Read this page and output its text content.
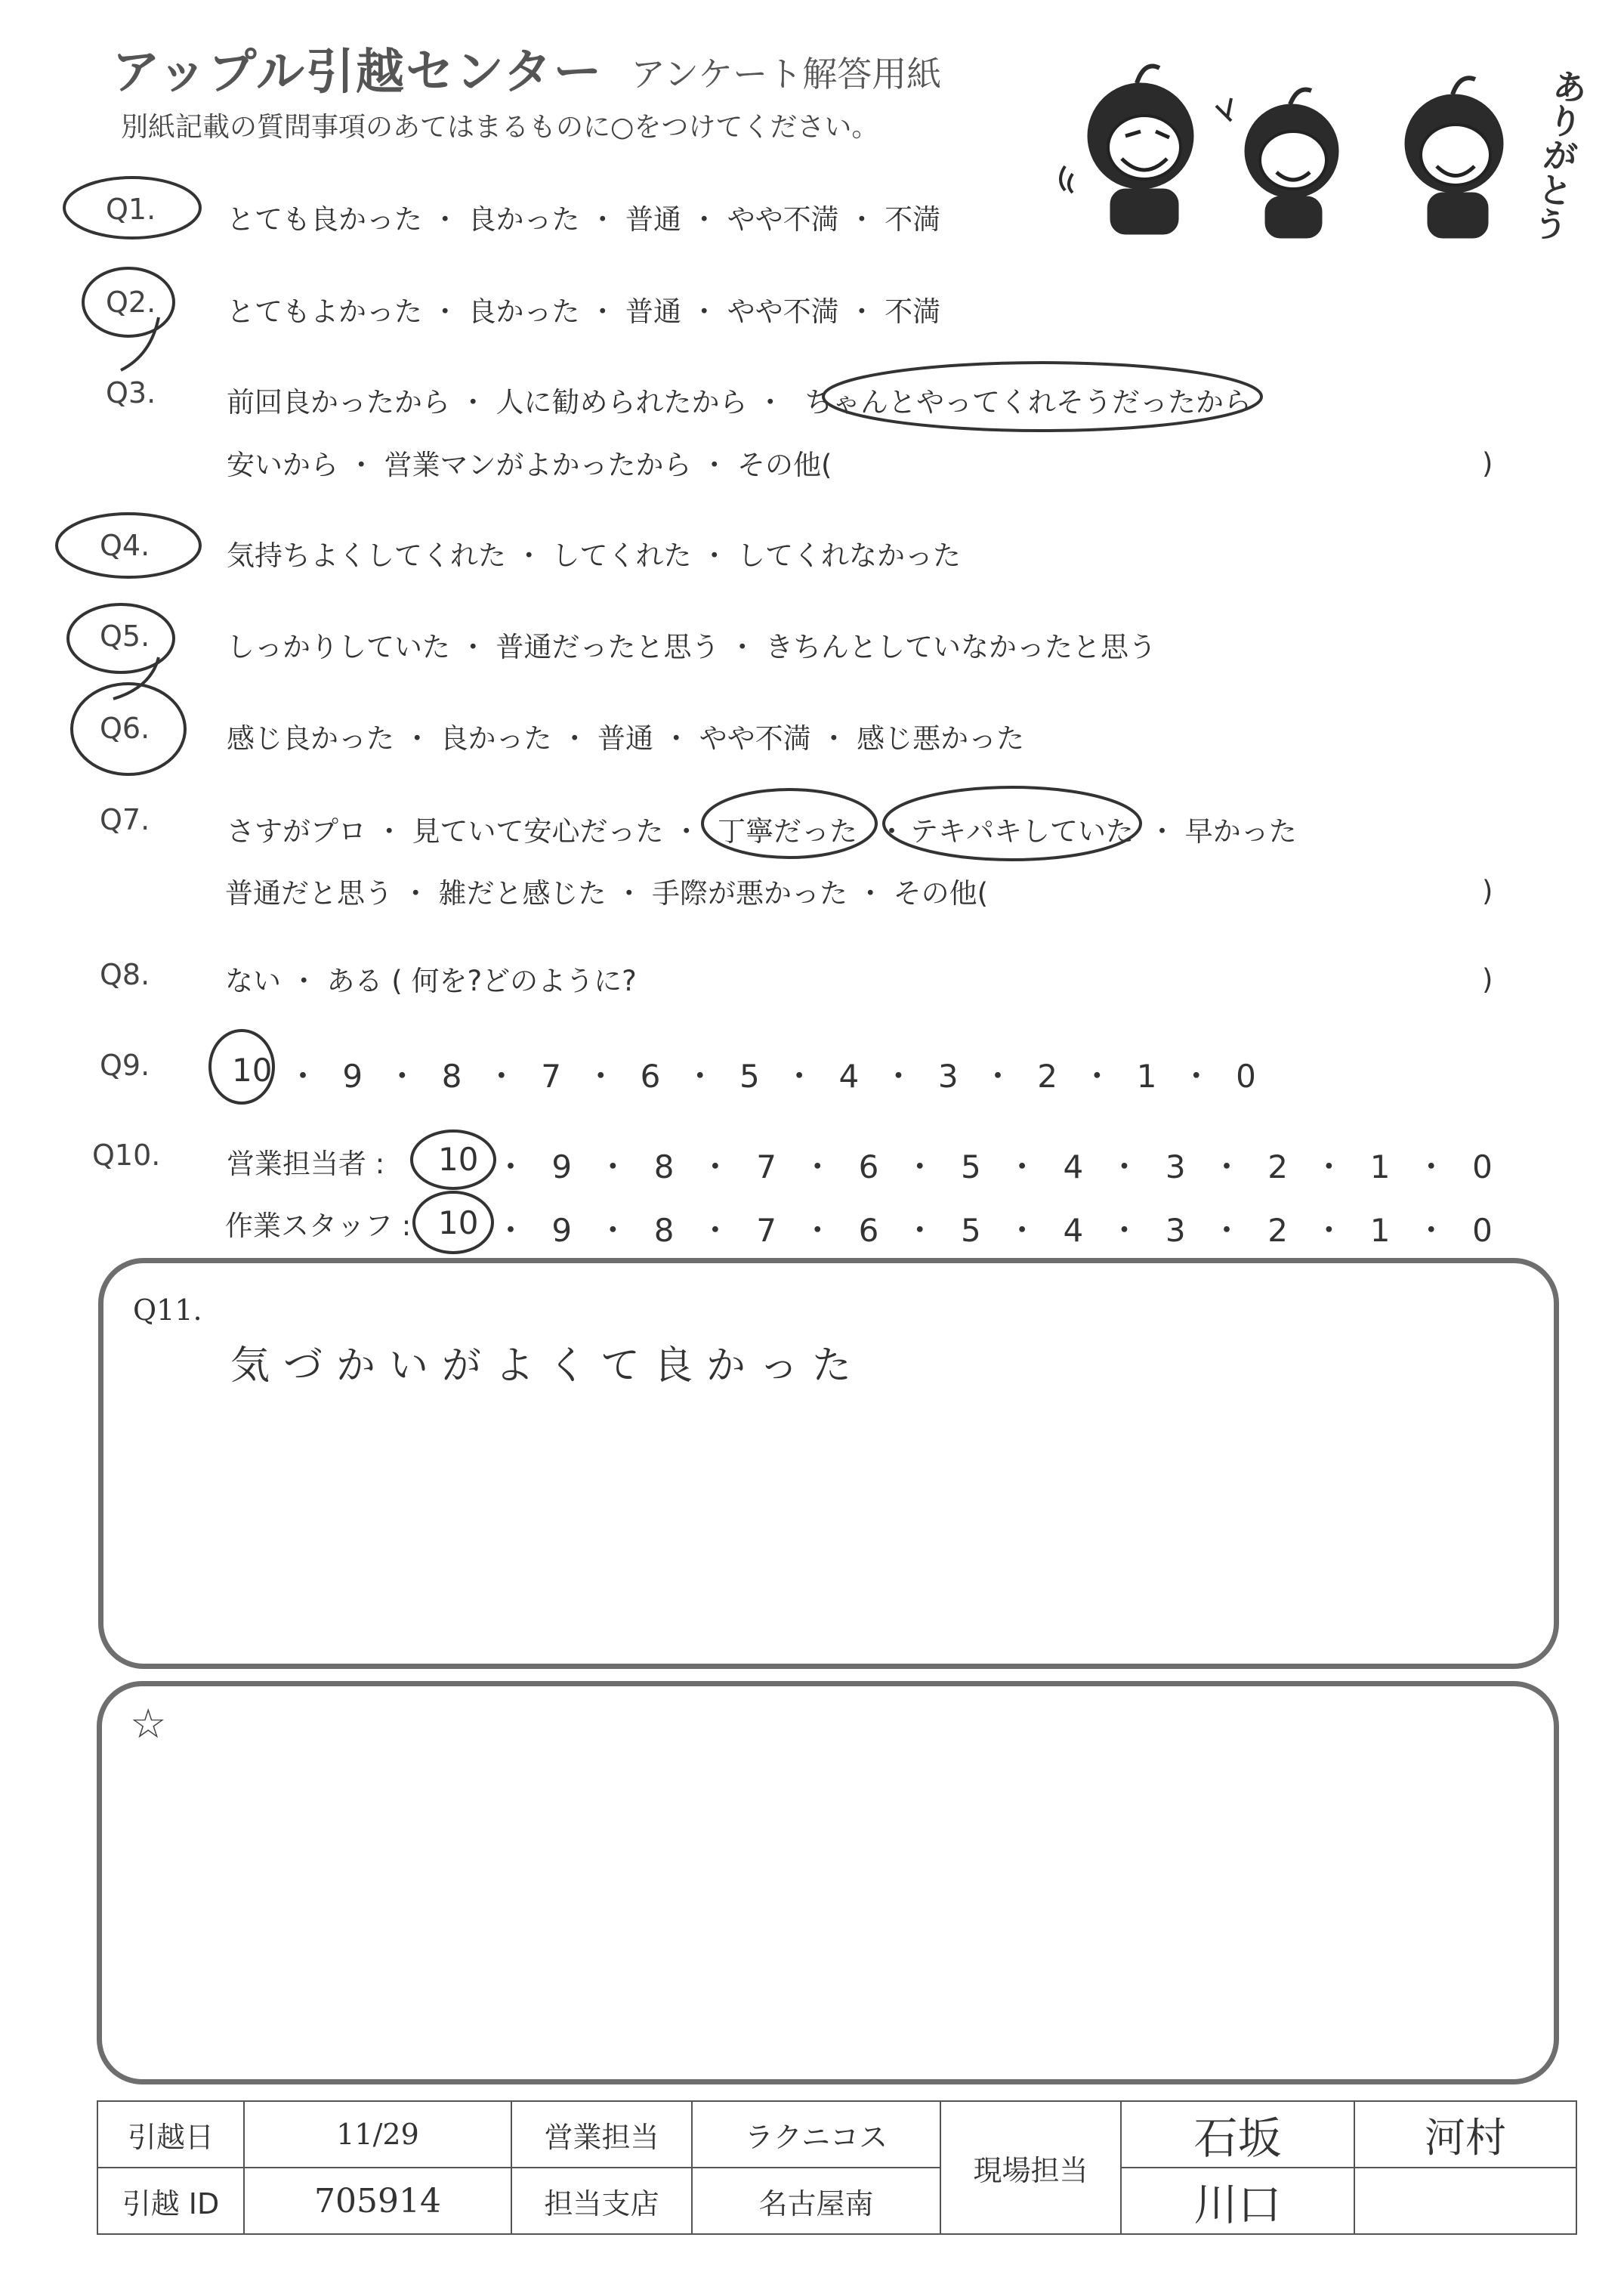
アップル引越センター アンケート解答用紙
別紙記載の質問事項のあてはまるものに○をつけてください。	ありがとう
Q1.	とても良かった ・ 良かった ・ 普通 ・ やや不満 ・ 不満
Q2.	とてもよかった ・ 良かった ・ 普通 ・ やや不満 ・ 不満
Q3.	前回良かったから ・ 人に勧められたから ・ ちゃんとやってくれそうだったから
安いから ・ 営業マンがよかったから ・ その他(	)
Q4.	気持ちよくしてくれた ・ してくれた ・ してくれなかった
Q5.	しっかりしていた ・ 普通だったと思う ・ きちんとしていなかったと思う
Q6.	感じ良かった ・ 良かった ・ 普通 ・ やや不満 ・ 感じ悪かった
Q7.	さすがプロ ・ 見ていて安心だった ・ 丁寧だった ・ テキパキしていた ・ 早かった
普通だと思う ・ 雑だと感じた ・ 手際が悪かった ・ その他(	)
Q8.	ない ・ ある ( 何を?どのように?	)
Q9.	10 ・ 9 ・ 8 ・ 7 ・ 6 ・ 5 ・ 4 ・ 3 ・ 2 ・ 1 ・ 0
Q10. 営業担当者 : 10 ・ 9 ・ 8 ・ 7 ・ 6 ・ 5 ・ 4 ・ 3 ・ 2 ・ 1 ・ 0
作業スタッフ : 10 ・ 9 ・ 8 ・ 7 ・ 6 ・ 5 ・ 4 ・ 3 ・ 2 ・ 1 ・ 0
Q11.
気づかいがよくて良かった
☆
引越日	11/29	営業担当	ラクニコス	現場担当	石坂	河村
引越 ID	705914	担当支店	名古屋南		川口	
